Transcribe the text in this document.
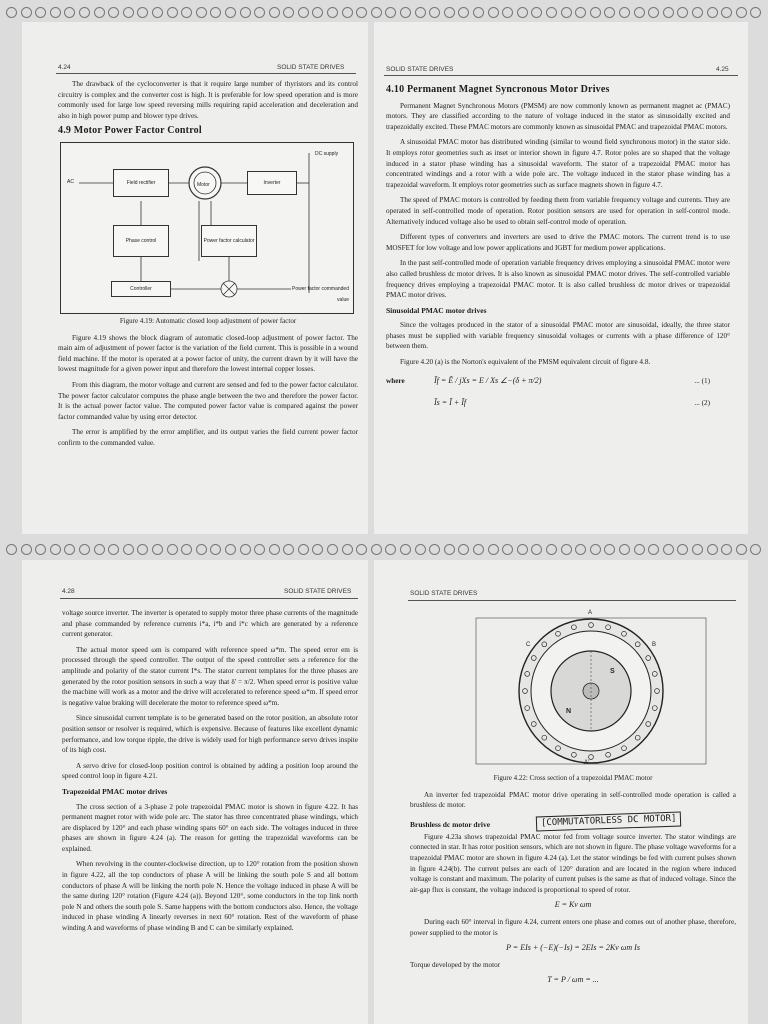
4.24	SOLID STATE DRIVES

The drawback of the cycloconverter is that it require large number of thyristors and its control circuitry is complex and the converter cost is high. It is preferable for low speed operation and is more commonly used for large low speed reversing mills requiring rapid acceleration and deceleration and also in high power pump and blower type drives.

4.9 Motor Power Factor Control
DC supply
AC	Field rectifier	Motor	Inverter
Phase control	Power factor calculator
Controller	Power factor commanded value
Figure 4.19: Automatic closed loop adjustment of power factor

Figure 4.19 shows the block diagram of automatic closed-loop adjustment of power factor. The main aim of adjustment of power factor is the variation of the field current. This is possible in a wound field machine. If the motor is operated at a power factor of unity, the current drawn by it will have the lowest magnitude for a given power input and therefore the lowest internal copper losses.

From this diagram, the motor voltage and current are sensed and fed to the power factor calculator. The power factor calculator computes the phase angle between the two and therefore the power factor. It is the actual power factor value. The computed power factor value is compared against the power factor commanded value by using error detector.

The error is amplified by the error amplifier, and its output varies the field current power factor confirm to the commanded value.

SOLID STATE DRIVES	4.25
4.10 Permanent Magnet Syncronous Motor Drives

Permanent Magnet Synchronous Motors (PMSM) are now commonly known as permanent magnet ac (PMAC) motors. They are classified according to the nature of voltage induced in the stator as sinusoidally excited and trapezoidally excited. These PMAC motors are commonly known as sinusoidal PMAC and trapezoidal PMAC motors.

A sinusoidal PMAC motor has distributed winding (similar to wound field synchronous motor) in the stator side. It employs rotor geometries such as inset or interior shown in figure 4.7. Rotor poles are so shaped that the voltage induced in a stator phase winding has a sinusoidal waveform. The stator of a trapezoidal PMAC motor has concentrated windings and a rotor with a wide pole arc. The voltage induced in the stator phase winding has a trapezoidal waveform. It employs rotor geometries such as surface magnets shown in figure 4.7.

The speed of PMAC motors is controlled by feeding them from variable frequency voltage and currents. They are operated in self-controlled mode of operation. Rotor position sensors are used for operation in self-control mode. Alternatively induced voltage also be used to obtain self-control mode of operation.

Different types of converters and inverters are used to drive the PMAC motors. The current trend is to use MOSFET for low voltage and low power applications and IGBT for medium power applications.

In the past self-controlled mode of operation variable frequency drives employing a sinusoidal PMAC motor were also called brushless dc motor drives. It is also known as sinusoidal PMAC motor drives. The self-controlled variable frequency drives employing a trapezoidal PMAC motor. It is also called brushless dc motor drives or trapezoidal PMAC motor drives.

Sinusoidal PMAC motor drives

Since the voltages produced in the stator of a sinusoidal PMAC motor are sinusoidal, ideally, the three stator phases must be supplied with variable frequency sinusoidal voltages or currents with a phase difference of 120° between them.

Figure 4.20 (a) is the Norton's equivalent of the PMSM equivalent circuit of figure 4.8.

where	Ĩf = Ẽ / jXs = E / Xs ∠−(δ + π/2)	... (1)
Ĩs = Ĩ + Ĩf	... (2)
4.28	SOLID STATE DRIVES

voltage source inverter. The inverter is operated to supply motor three phase currents of the magnitude and phase commanded by reference currents i*a, i*b and i*c which are generated by a reference current generator.

The actual motor speed ωm is compared with reference speed ω*m. The speed error em is processed through the speed controller. The output of the speed controller sets a reference for the amplitude and polarity of the stator current I*s. The stator current templates for the three phases are generated by the rotor position sensors in such a way that δ' = π/2. When speed error is positive value the machine will work as a motor and the drive will accelerated to reference speed ω*m. If speed error is negative value braking will decelerate the motor to reference speed ω*m.

Since sinusoidal current template is to be generated based on the rotor position, an absolute rotor position sensor or resolver is required, which is expensive. Because of features like excellent dynamic performance, and low torque ripple, the drive is widely used for high performance servo drives inspite of its high cost.

A servo drive for closed-loop position control is obtained by adding a position loop around the speed control loop in figure 4.21.

Trapezoidal PMAC motor drives

The cross section of a 3-phase 2 pole trapezoidal PMAC motor is shown in figure 4.22. It has permanent magnet rotor with wide pole arc. The stator has three concentrated phase windings, which are displaced by 120° and each phase winding spans 60° on each side. The voltages induced in three phases are shown in figure 4.24 (a). The reason for getting the trapezoidal waveforms can be explained.

When revolving in the counter-clockwise direction, up to 120° rotation from the position shown in figure 4.22, all the top conductors of phase A will be linking the south pole S and all bottom conductors of phase A will be linking the north pole N. Hence the voltage induced in phase A will be the same during 120° rotation (Figure 4.24 (a)). Beyond 120°, some conductors in the top link north pole N and others the south pole S. Same happens with the bottom conductors also. Hence, the voltage induced in phase winding A linearly reverses in next 60° rotation. Rest of the waveform of phase winding A and waveforms of phase winding B and C can be similarly explained.

SOLID STATE DRIVES
A
A'
B
C
N
S
Figure 4.22: Cross section of a trapezoidal PMAC motor

An inverter fed trapezoidal PMAC motor drive operating in self-controlled mode operation is called a brushless dc motor.

Brushless dc motor drive	[COMMUTATORLESS DC MOTOR]

Figure 4.23a shows trapezoidal PMAC motor fed from voltage source inverter. The stator windings are connected in star. It has rotor position sensors, which are not shown in figure. The phase voltage waveforms for a trapezoidal PMAC motor are shown in figure 4.24 (a). Let the stator windings be fed with current pulses shown in figure 4.24(b). The current pulses are each of 120° duration and are located in the region where induced voltage is constant and maximum. The polarity of current pulses is the same as that of induced voltage. Since the air-gap flux is constant, the voltage induced is proportional to speed of rotor.

E = Kv ωm

During each 60° interval in figure 4.24, current enters one phase and comes out of another phase, therefore, power supplied to the motor is

P = EIs + (−E)(−Is) = 2EIs = 2Kv ωm Is

Torque developed by the motor

T = P / ωm = ...
